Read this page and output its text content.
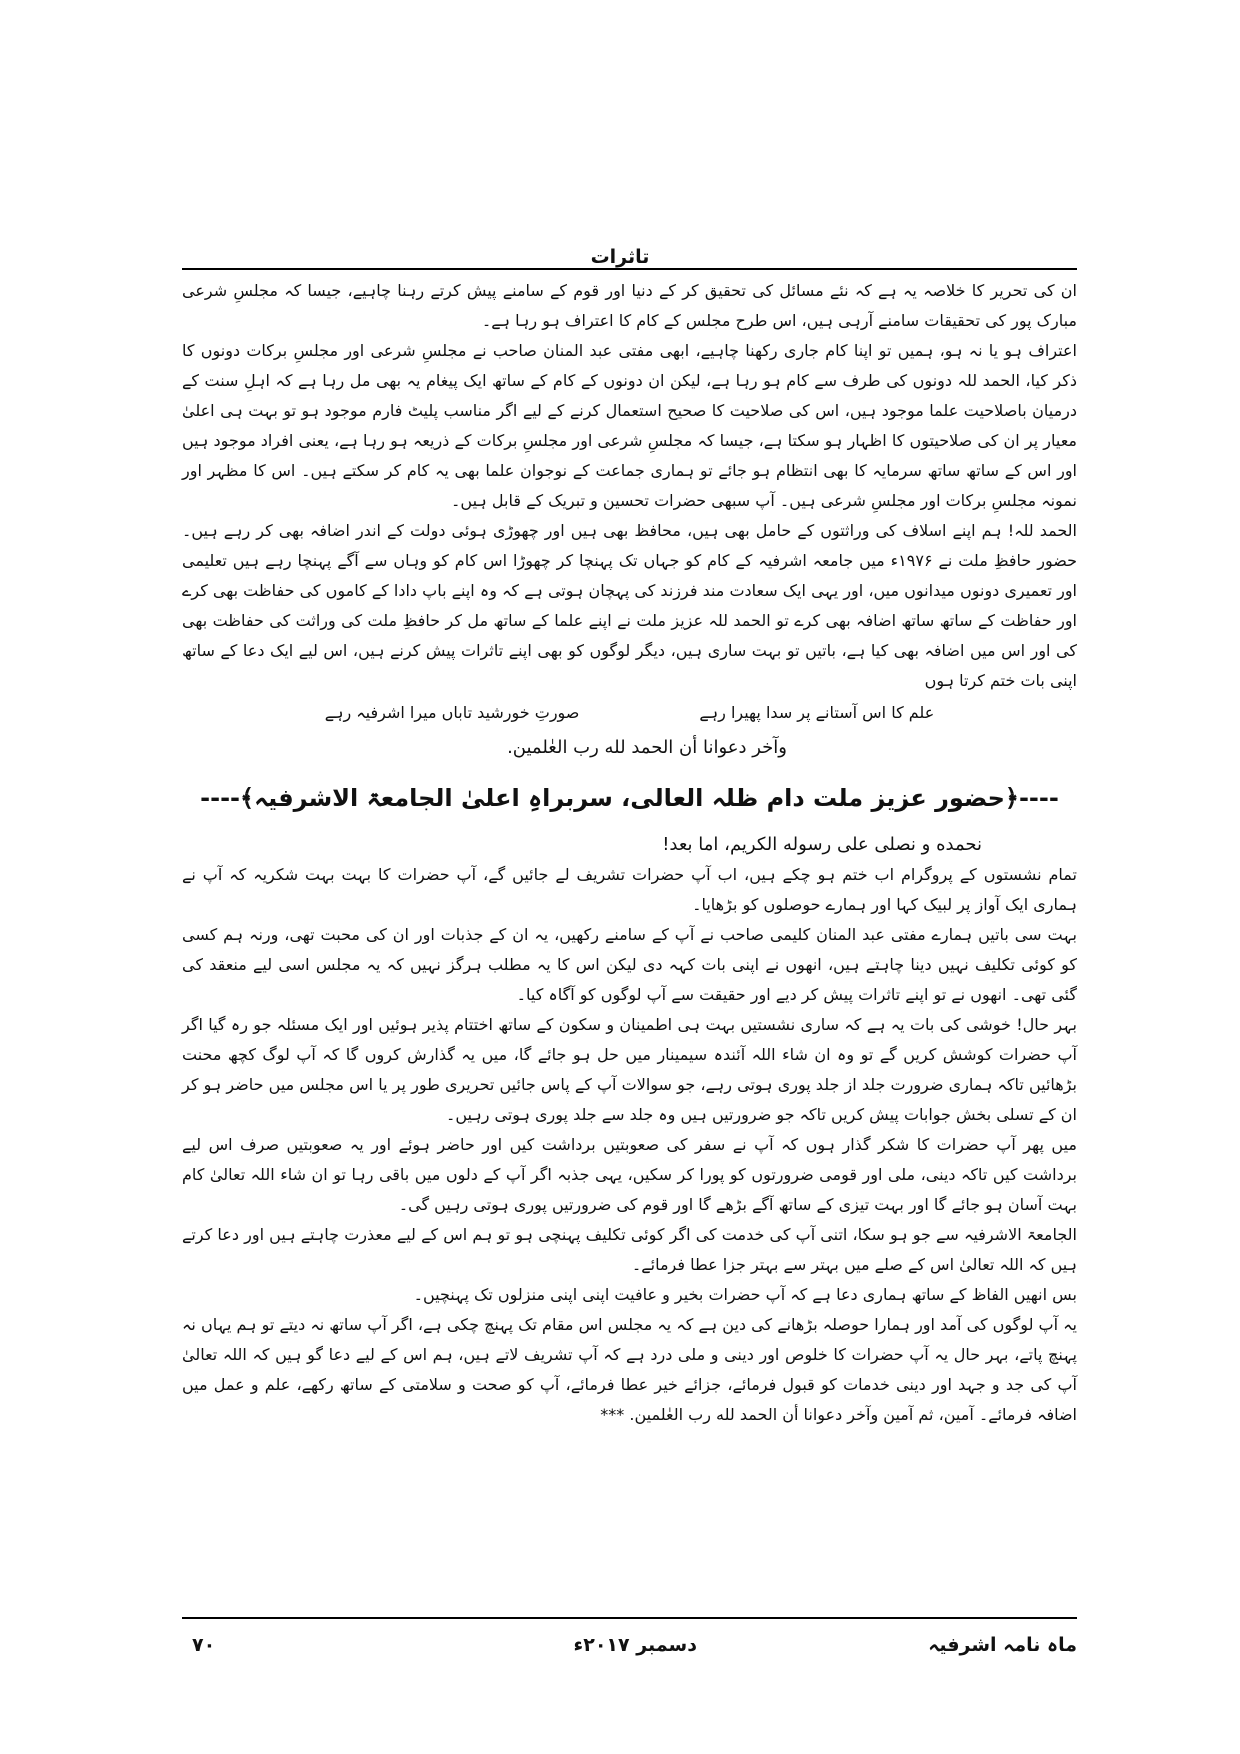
تاثرات

ان کی تحریر کا خلاصہ یہ ہے کہ نئے مسائل کی تحقیق کر کے دنیا اور قوم کے سامنے پیش کرتے رہنا چاہیے، جیسا کہ مجلسِ شرعی مبارک پور کی تحقیقات سامنے آرہی ہیں، اس طرح مجلس کے کام کا اعتراف ہو رہا ہے۔

اعتراف ہو یا نہ ہو، ہمیں تو اپنا کام جاری رکھنا چاہیے، ابھی مفتی عبد المنان صاحب نے مجلسِ شرعی اور مجلسِ برکات دونوں کا ذکر کیا، الحمد للہ دونوں کی طرف سے کام ہو رہا ہے، لیکن ان دونوں کے کام کے ساتھ ایک پیغام یہ بھی مل رہا ہے کہ اہلِ سنت کے درمیان باصلاحیت علما موجود ہیں، اس کی صلاحیت کا صحیح استعمال کرنے کے لیے اگر مناسب پلیٹ فارم موجود ہو تو بہت ہی اعلیٰ معیار پر ان کی صلاحیتوں کا اظہار ہو سکتا ہے، جیسا کہ مجلسِ شرعی اور مجلسِ برکات کے ذریعہ ہو رہا ہے، یعنی افراد موجود ہیں اور اس کے ساتھ ساتھ سرمایہ کا بھی انتظام ہو جائے تو ہماری جماعت کے نوجوان علما بھی یہ کام کر سکتے ہیں۔ اس کا مظہر اور نمونہ مجلسِ برکات اور مجلسِ شرعی ہیں۔ آپ سبھی حضرات تحسین و تبریک کے قابل ہیں۔

الحمد للہ! ہم اپنے اسلاف کی وراثتوں کے حامل بھی ہیں، محافظ بھی ہیں اور چھوڑی ہوئی دولت کے اندر اضافہ بھی کر رہے ہیں۔ حضور حافظِ ملت نے ۱۹۷۶ء میں جامعہ اشرفیہ کے کام کو جہاں تک پہنچا کر چھوڑا اس کام کو وہاں سے آگے پہنچا رہے ہیں تعلیمی اور تعمیری دونوں میدانوں میں، اور یہی ایک سعادت مند فرزند کی پہچان ہوتی ہے کہ وہ اپنے باپ دادا کے کاموں کی حفاظت بھی کرے اور حفاظت کے ساتھ ساتھ اضافہ بھی کرے تو الحمد للہ عزیز ملت نے اپنے علما کے ساتھ مل کر حافظِ ملت کی وراثت کی حفاظت بھی کی اور اس میں اضافہ بھی کیا ہے، باتیں تو بہت ساری ہیں، دیگر لوگوں کو بھی اپنے تاثرات پیش کرنے ہیں، اس لیے ایک دعا کے ساتھ اپنی بات ختم کرتا ہوں

علم کا اس آستانے پر سدا پھیرا رہے
صورتِ خورشید تاباں میرا اشرفیہ رہے

وآخر دعوانا أن الحمد لله رب العٰلمين.

----﴿حضور عزیز ملت دام ظلہ العالی، سربراہِ اعلیٰ الجامعۃ الاشرفیہ﴾----

نحمده و نصلى على رسوله الكريم، اما بعد!

تمام نشستوں کے پروگرام اب ختم ہو چکے ہیں، اب آپ حضرات تشریف لے جائیں گے، آپ حضرات کا بہت بہت شکریہ کہ آپ نے ہماری ایک آواز پر لبیک کہا اور ہمارے حوصلوں کو بڑھایا۔

بہت سی باتیں ہمارے مفتی عبد المنان کلیمی صاحب نے آپ کے سامنے رکھیں، یہ ان کے جذبات اور ان کی محبت تھی، ورنہ ہم کسی کو کوئی تکلیف نہیں دینا چاہتے ہیں، انھوں نے اپنی بات کہہ دی لیکن اس کا یہ مطلب ہرگز نہیں کہ یہ مجلس اسی لیے منعقد کی گئی تھی۔ انھوں نے تو اپنے تاثرات پیش کر دیے اور حقیقت سے آپ لوگوں کو آگاہ کیا۔

بہر حال! خوشی کی بات یہ ہے کہ ساری نشستیں بہت ہی اطمینان و سکون کے ساتھ اختتام پذیر ہوئیں اور ایک مسئلہ جو رہ گیا اگر آپ حضرات کوشش کریں گے تو وہ ان شاء اللہ آئندہ سیمینار میں حل ہو جائے گا، میں یہ گذارش کروں گا کہ آپ لوگ کچھ محنت بڑھائیں تاکہ ہماری ضرورت جلد از جلد پوری ہوتی رہے، جو سوالات آپ کے پاس جائیں تحریری طور پر یا اس مجلس میں حاضر ہو کر ان کے تسلی بخش جوابات پیش کریں تاکہ جو ضرورتیں ہیں وہ جلد سے جلد پوری ہوتی رہیں۔

میں پھر آپ حضرات کا شکر گذار ہوں کہ آپ نے سفر کی صعوبتیں برداشت کیں اور حاضر ہوئے اور یہ صعوبتیں صرف اس لیے برداشت کیں تاکہ دینی، ملی اور قومی ضرورتوں کو پورا کر سکیں، یہی جذبہ اگر آپ کے دلوں میں باقی رہا تو ان شاء اللہ تعالیٰ کام بہت آسان ہو جائے گا اور بہت تیزی کے ساتھ آگے بڑھے گا اور قوم کی ضرورتیں پوری ہوتی رہیں گی۔

الجامعۃ الاشرفیہ سے جو ہو سکا، اتنی آپ کی خدمت کی اگر کوئی تکلیف پہنچی ہو تو ہم اس کے لیے معذرت چاہتے ہیں اور دعا کرتے ہیں کہ اللہ تعالیٰ اس کے صلے میں بہتر سے بہتر جزا عطا فرمائے۔

بس انھیں الفاظ کے ساتھ ہماری دعا ہے کہ آپ حضرات بخیر و عافیت اپنی اپنی منزلوں تک پہنچیں۔

یہ آپ لوگوں کی آمد اور ہمارا حوصلہ بڑھانے کی دین ہے کہ یہ مجلس اس مقام تک پہنچ چکی ہے، اگر آپ ساتھ نہ دیتے تو ہم یہاں نہ پہنچ پاتے، بہر حال یہ آپ حضرات کا خلوص اور دینی و ملی درد ہے کہ آپ تشریف لاتے ہیں، ہم اس کے لیے دعا گو ہیں کہ اللہ تعالیٰ آپ کی جد و جہد اور دینی خدمات کو قبول فرمائے، جزائے خیر عطا فرمائے، آپ کو صحت و سلامتی کے ساتھ رکھے، علم و عمل میں اضافہ فرمائے۔ آمین، ثم آمین وآخر دعوانا أن الحمد لله رب العٰلمين. ***

ماہ نامہ اشرفیہ
دسمبر ۲۰۱۷ء
۷۰
